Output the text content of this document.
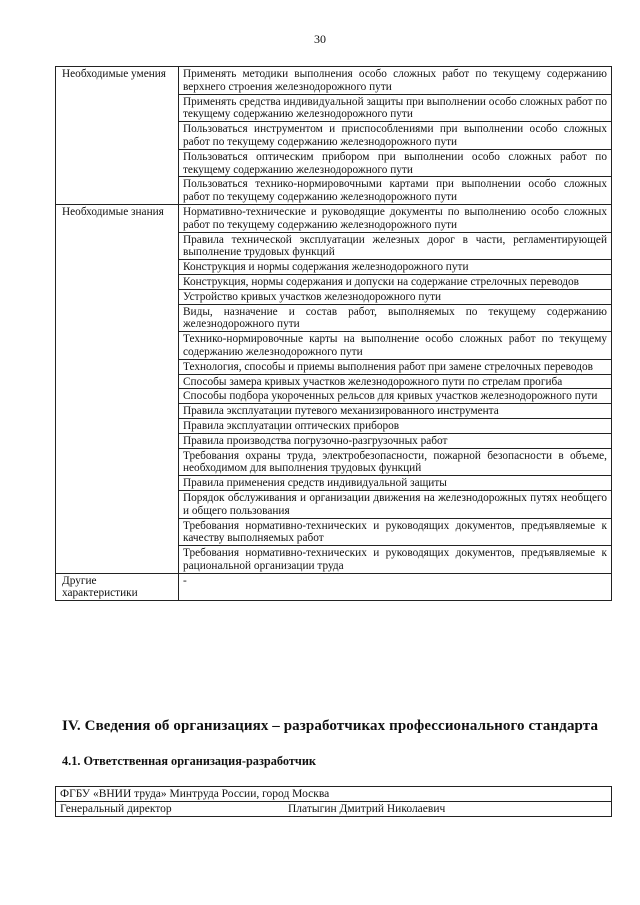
30
Необходимые умения	Применять методики выполнения особо сложных работ по текущему содержанию верхнего строения железнодорожного пути
	Применять средства индивидуальной защиты при выполнении особо сложных работ по текущему содержанию железнодорожного пути
	Пользоваться инструментом и приспособлениями при выполнении особо сложных работ по текущему содержанию железнодорожного пути
	Пользоваться оптическим прибором при выполнении особо сложных работ по текущему содержанию железнодорожного пути
	Пользоваться технико-нормировочными картами при выполнении особо сложных работ по текущему содержанию железнодорожного пути
Необходимые знания	Нормативно-технические и руководящие документы по выполнению особо сложных работ по текущему содержанию железнодорожного пути
	Правила технической эксплуатации железных дорог в части, регламентирующей выполнение трудовых функций
	Конструкция и нормы содержания железнодорожного пути
	Конструкция, нормы содержания и допуски на содержание стрелочных переводов
	Устройство кривых участков железнодорожного пути
	Виды, назначение и состав работ, выполняемых по текущему содержанию железнодорожного пути
	Технико-нормировочные карты на выполнение особо сложных работ по текущему содержанию железнодорожного пути
	Технология, способы и приемы выполнения работ при замене стрелочных переводов
	Способы замера кривых участков железнодорожного пути по стрелам прогиба
	Способы подбора укороченных рельсов для кривых участков железнодорожного пути
	Правила эксплуатации путевого механизированного инструмента
	Правила эксплуатации оптических приборов
	Правила производства погрузочно-разгрузочных работ
	Требования охраны труда, электробезопасности, пожарной безопасности в объеме, необходимом для выполнения трудовых функций
	Правила применения средств индивидуальной защиты
	Порядок обслуживания и организации движения на железнодорожных путях необщего и общего пользования
	Требования нормативно-технических и руководящих документов, предъявляемые к качеству выполняемых работ
	Требования нормативно-технических и руководящих документов, предъявляемые к рациональной организации труда
Другие характеристики	-
IV. Сведения об организациях – разработчиках профессионального стандарта
4.1. Ответственная организация-разработчик
ФГБУ «ВНИИ труда» Минтруда России, город Москва

Генеральный директор	Платыгин Дмитрий Николаевич
